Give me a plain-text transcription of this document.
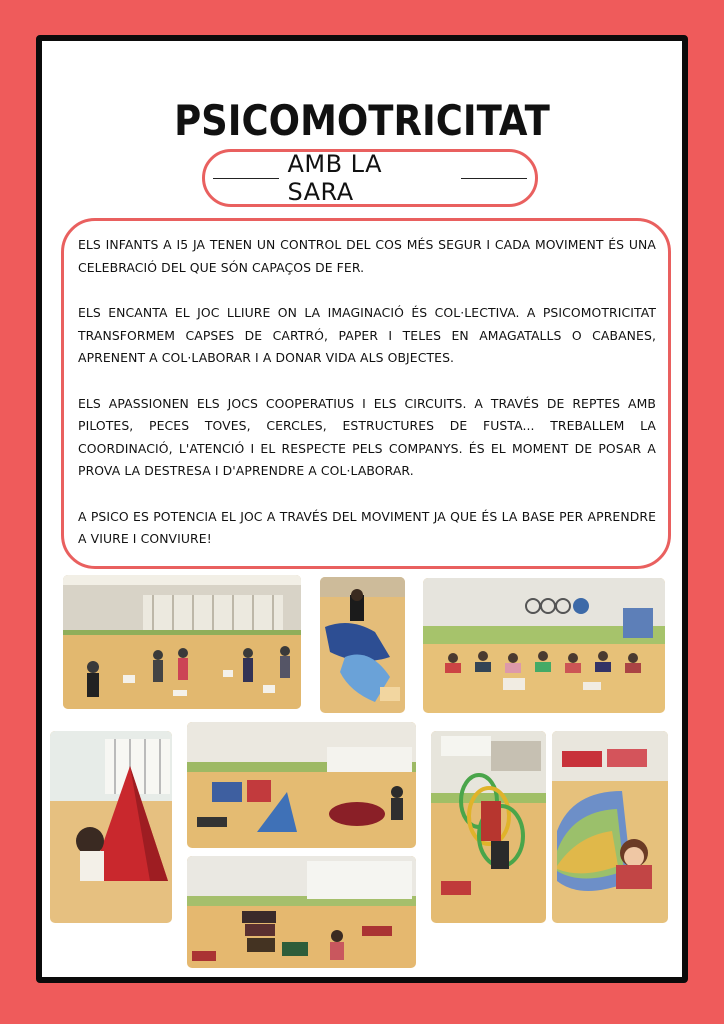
PSICOMOTRICITAT
AMB LA SARA

ELS INFANTS A I5 JA TENEN UN CONTROL DEL COS MÉS SEGUR I CADA MOVIMENT ÉS UNA CELEBRACIÓ DEL QUE SÓN CAPAÇOS DE FER.

ELS ENCANTA EL JOC LLIURE ON LA IMAGINACIÓ ÉS COL·LECTIVA. A PSICOMOTRICITAT TRANSFORMEM CAPSES DE CARTRÓ, PAPER I TELES EN AMAGATALLS O CABANES, APRENENT A COL·LABORAR I A DONAR VIDA ALS OBJECTES.

ELS APASSIONEN ELS JOCS COOPERATIUS I ELS CIRCUITS. A TRAVÉS DE REPTES AMB PILOTES, PECES TOVES, CERCLES, ESTRUCTURES DE FUSTA... TREBALLEM LA COORDINACIÓ, L'ATENCIÓ I EL RESPECTE PELS COMPANYS. ÉS EL MOMENT DE POSAR A PROVA LA DESTRESA I D'APRENDRE A COL·LABORAR.

A PSICO ES POTENCIA EL JOC A TRAVÉS DEL MOVIMENT JA QUE ÉS LA BASE PER APRENDRE A VIURE I CONVIURE!
